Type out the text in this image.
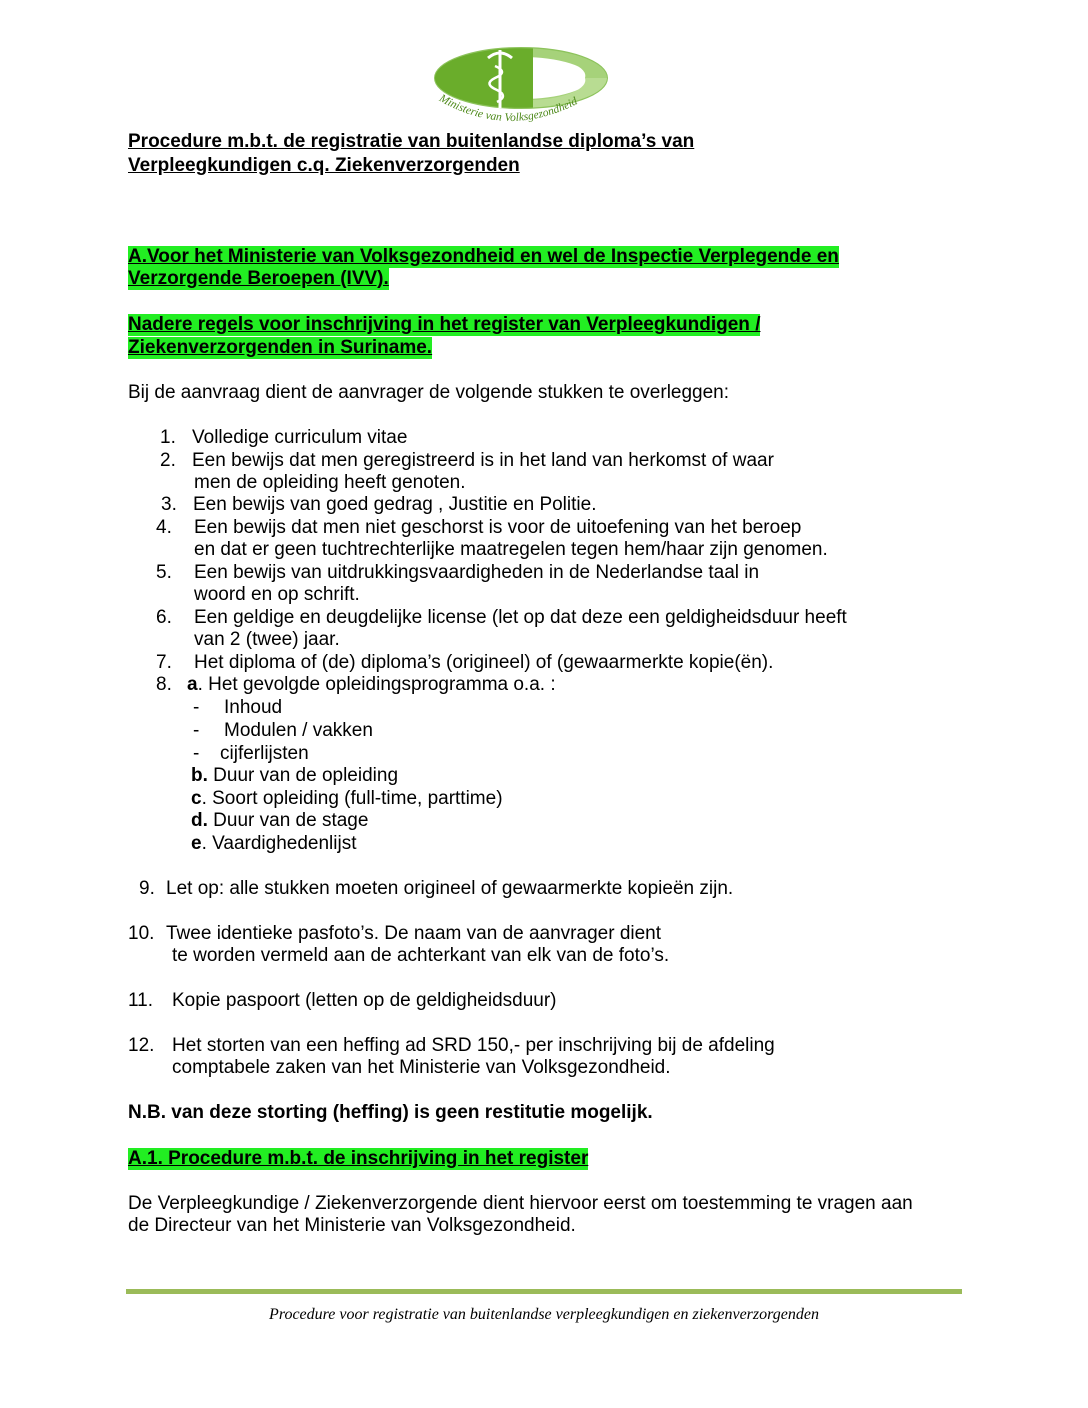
Ministerie van Volksgezondheid
Procedure m.b.t. de registratie van buitenlandse diploma’s van
Verpleegkundigen c.q. Ziekenverzorgenden
A.Voor het Ministerie van Volksgezondheid en wel de Inspectie Verplegende en
Verzorgende Beroepen (IVV).
Nadere regels voor inschrijving in het register van Verpleegkundigen /
Ziekenverzorgenden in Suriname.
Bij de aanvraag dient de aanvrager de volgende stukken te overleggen:
1. Volledige curriculum vitae
2. Een bewijs dat men geregistreerd is in het land van herkomst of waar
men de opleiding heeft genoten.
3. Een bewijs van goed gedrag , Justitie en Politie.
4. Een bewijs dat men niet geschorst is voor de uitoefening van het beroep
en dat er geen tuchtrechterlijke maatregelen tegen hem/haar zijn genomen.
5. Een bewijs van uitdrukkingsvaardigheden in de Nederlandse taal in
woord en op schrift.
6. Een geldige en deugdelijke license (let op dat deze een geldigheidsduur heeft
van 2 (twee) jaar.
7. Het diploma of (de) diploma’s (origineel) of (gewaarmerkte kopie(ën).
8. a. Het gevolgde opleidingsprogramma o.a. :
- Inhoud
- Modulen / vakken
- cijferlijsten
b. Duur van de opleiding
c. Soort opleiding (full-time, parttime)
d. Duur van de stage
e. Vaardighedenlijst
9. Let op: alle stukken moeten origineel of gewaarmerkte kopieën zijn.
10. Twee identieke pasfoto’s. De naam van de aanvrager dient
te worden vermeld aan de achterkant van elk van de foto’s.
11. Kopie paspoort (letten op de geldigheidsduur)
12. Het storten van een heffing ad SRD 150,- per inschrijving bij de afdeling
comptabele zaken van het Ministerie van Volksgezondheid.
N.B. van deze storting (heffing) is geen restitutie mogelijk.
A.1. Procedure m.b.t. de inschrijving in het register
De Verpleegkundige / Ziekenverzorgende dient hiervoor eerst om toestemming te vragen aan
de Directeur van het Ministerie van Volksgezondheid.
Procedure voor registratie van buitenlandse verpleegkundigen en ziekenverzorgenden
